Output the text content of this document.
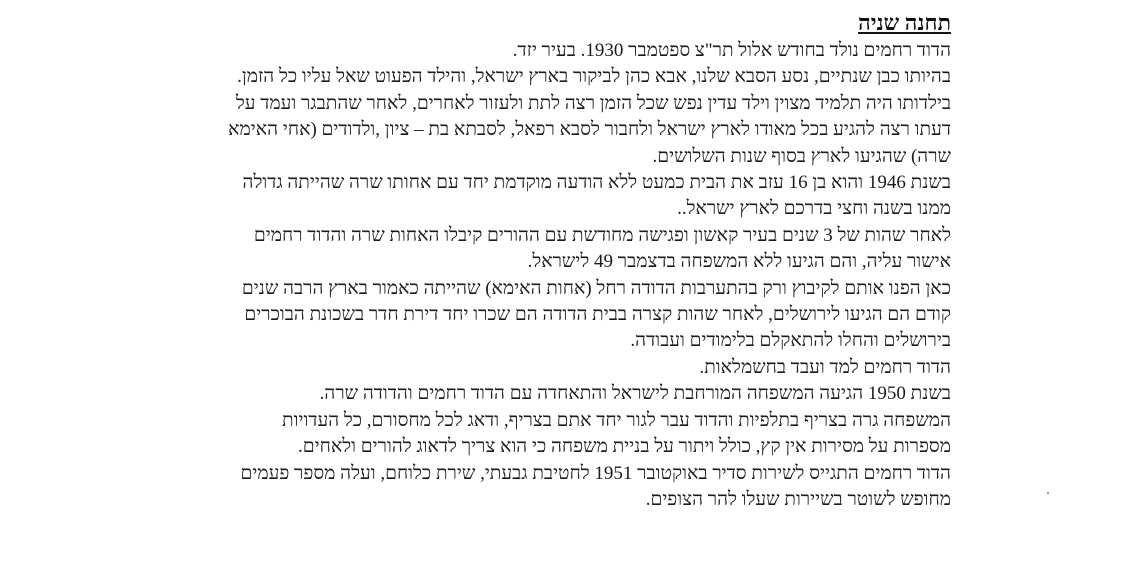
תחנה שניה

הדוד רחמים נולד בחודש אלול תר"צ ספטמבר 1930. בעיר יזד.

בהיותו כבן שנתיים, נסע הסבא שלנו, אבא כהן לביקור בארץ ישראל, והילד הפעוט שאל עליו כל הזמן.

בילדותו היה תלמיד מצוין וילד עדין נפש שכל הזמן רצה לתת ולעזור לאחרים, לאחר שהתבגר ועמד על

דעתו רצה להגיע בכל מאודו לארץ ישראל ולחבור לסבא רפאל, לסבתא בת – ציון ,ולדודים (אחי האימא

שרה) שהגיעו לארץ בסוף שנות השלושים.

בשנת 1946 והוא בן 16 עזב את הבית כמעט ללא הודעה מוקדמת יחד עם אחותו שרה שהייתה גדולה

ממנו בשנה וחצי בדרכם לארץ ישראל..

לאחר שהות של 3 שנים בעיר קאשון ופגישה מחודשת עם ההורים קיבלו האחות שרה והדוד רחמים

אישור עליה, והם הגיעו ללא המשפחה בדצמבר 49 לישראל.

כאן הפנו אותם לקיבוץ ורק בהתערבות הדודה רחל (אחות האימא) שהייתה כאמור בארץ הרבה שנים

קודם הם הגיעו לירושלים, לאחר שהות קצרה בבית הדודה הם שכרו יחד דירת חדר בשכונת הבוכרים

בירושלים והחלו להתאקלם בלימודים ועבודה.

הדוד רחמים למד ועבד בחשמלאות.

בשנת 1950 הגיעה המשפחה המורחבת לישראל והתאחדה עם הדוד רחמים והדודה שרה.

המשפחה גרה בצריף בתלפיות והדוד עבר לגור יחד אתם בצריף, ודאג לכל מחסורם, כל העדויות

מספרות על מסירות אין קץ, כולל ויתור על בניית משפחה כי הוא צריך לדאוג להורים ולאחים.

הדוד רחמים התגייס לשירות סדיר באוקטובר 1951 לחטיבת גבעתי, שירת כלוחם, ועלה מספר פעמים

מחופש לשוטר בשיירות שעלו להר הצופים.
